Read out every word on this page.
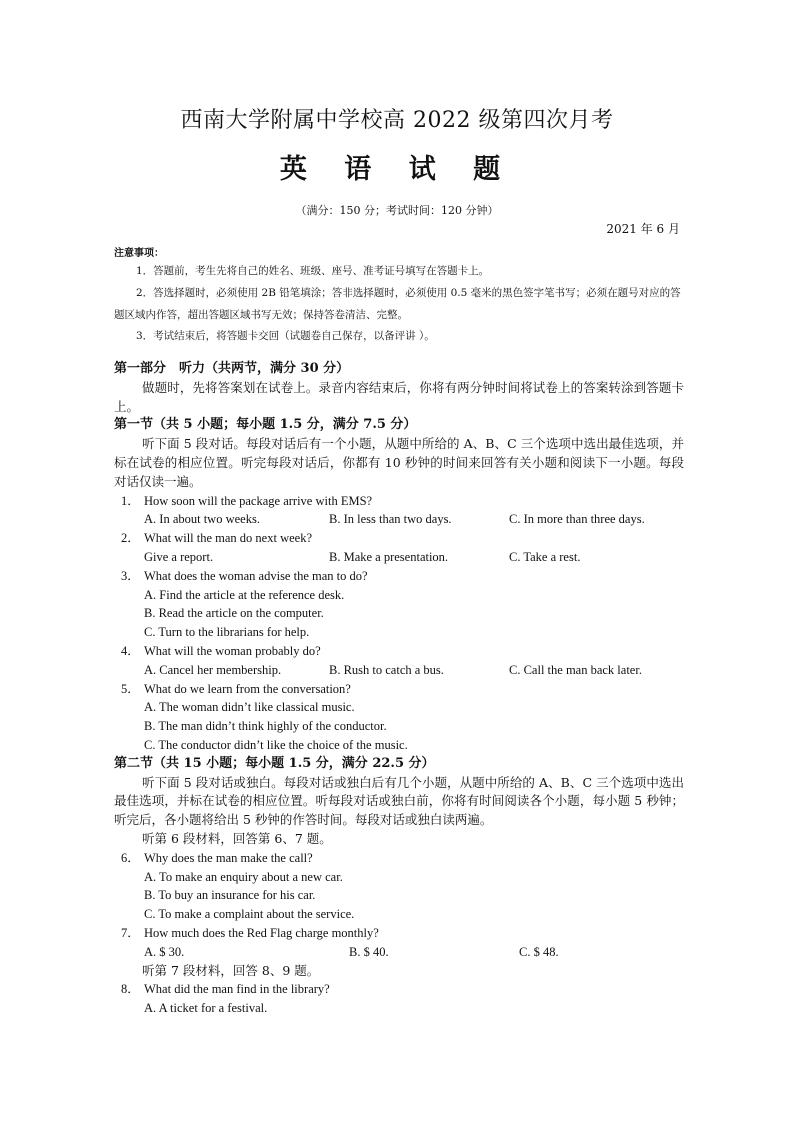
西南大学附属中学校高 2022 级第四次月考
英 语 试 题
（满分：150 分；考试时间：120 分钟）
2021 年 6 月
注意事项：
1．答题前，考生先将自己的姓名、班级、座号、准考证号填写在答题卡上。
2．答选择题时，必须使用 2B 铅笔填涂；答非选择题时，必须使用 0.5 毫米的黑色签字笔书写；必须在题号对应的答题区域内作答，超出答题区域书写无效；保持答卷清洁、完整。
3．考试结束后，将答题卡交回（试题卷自己保存，以备评讲 ）。
第一部分　听力（共两节，满分 30 分）
做题时，先将答案划在试卷上。录音内容结束后，你将有两分钟时间将试卷上的答案转涂到答题卡上。
第一节（共 5 小题；每小题 1.5 分，满分 7.5 分）
听下面 5 段对话。每段对话后有一个小题，从题中所给的 A、B、C 三个选项中选出最佳选项，并标在试卷的相应位置。听完每段对话后，你都有 10 秒钟的时间来回答有关小题和阅读下一小题。每段对话仅读一遍。
1． How soon will the package arrive with EMS?
A. In about two weeks.	B. In less than two days.	C. In more than three days.
2． What will the man do next week?
Give a report.	B. Make a presentation.	C. Take a rest.
3． What does the woman advise the man to do?
A. Find the article at the reference desk.
B. Read the article on the computer.
C. Turn to the librarians for help.
4． What will the woman probably do?
A. Cancel her membership.	B. Rush to catch a bus.	C. Call the man back later.
5． What do we learn from the conversation?
A. The woman didn’t like classical music.
B. The man didn’t think highly of the conductor.
C. The conductor didn’t like the choice of the music.
第二节（共 15 小题；每小题 1.5 分，满分 22.5 分）
听下面 5 段对话或独白。每段对话或独白后有几个小题，从题中所给的 A、B、C 三个选项中选出最佳选项，并标在试卷的相应位置。听每段对话或独白前，你将有时间阅读各个小题，每小题 5 秒钟；听完后，各小题将给出 5 秒钟的作答时间。每段对话或独白读两遍。
听第 6 段材料，回答第 6、7 题。
6． Why does the man make the call?
A. To make an enquiry about a new car.
B. To buy an insurance for his car.
C. To make a complaint about the service.
7． How much does the Red Flag charge monthly?
A. $ 30.	B. $ 40.	C. $ 48.
听第 7 段材料，回答 8、9 题。
8． What did the man find in the library?
A. A ticket for a festival.
